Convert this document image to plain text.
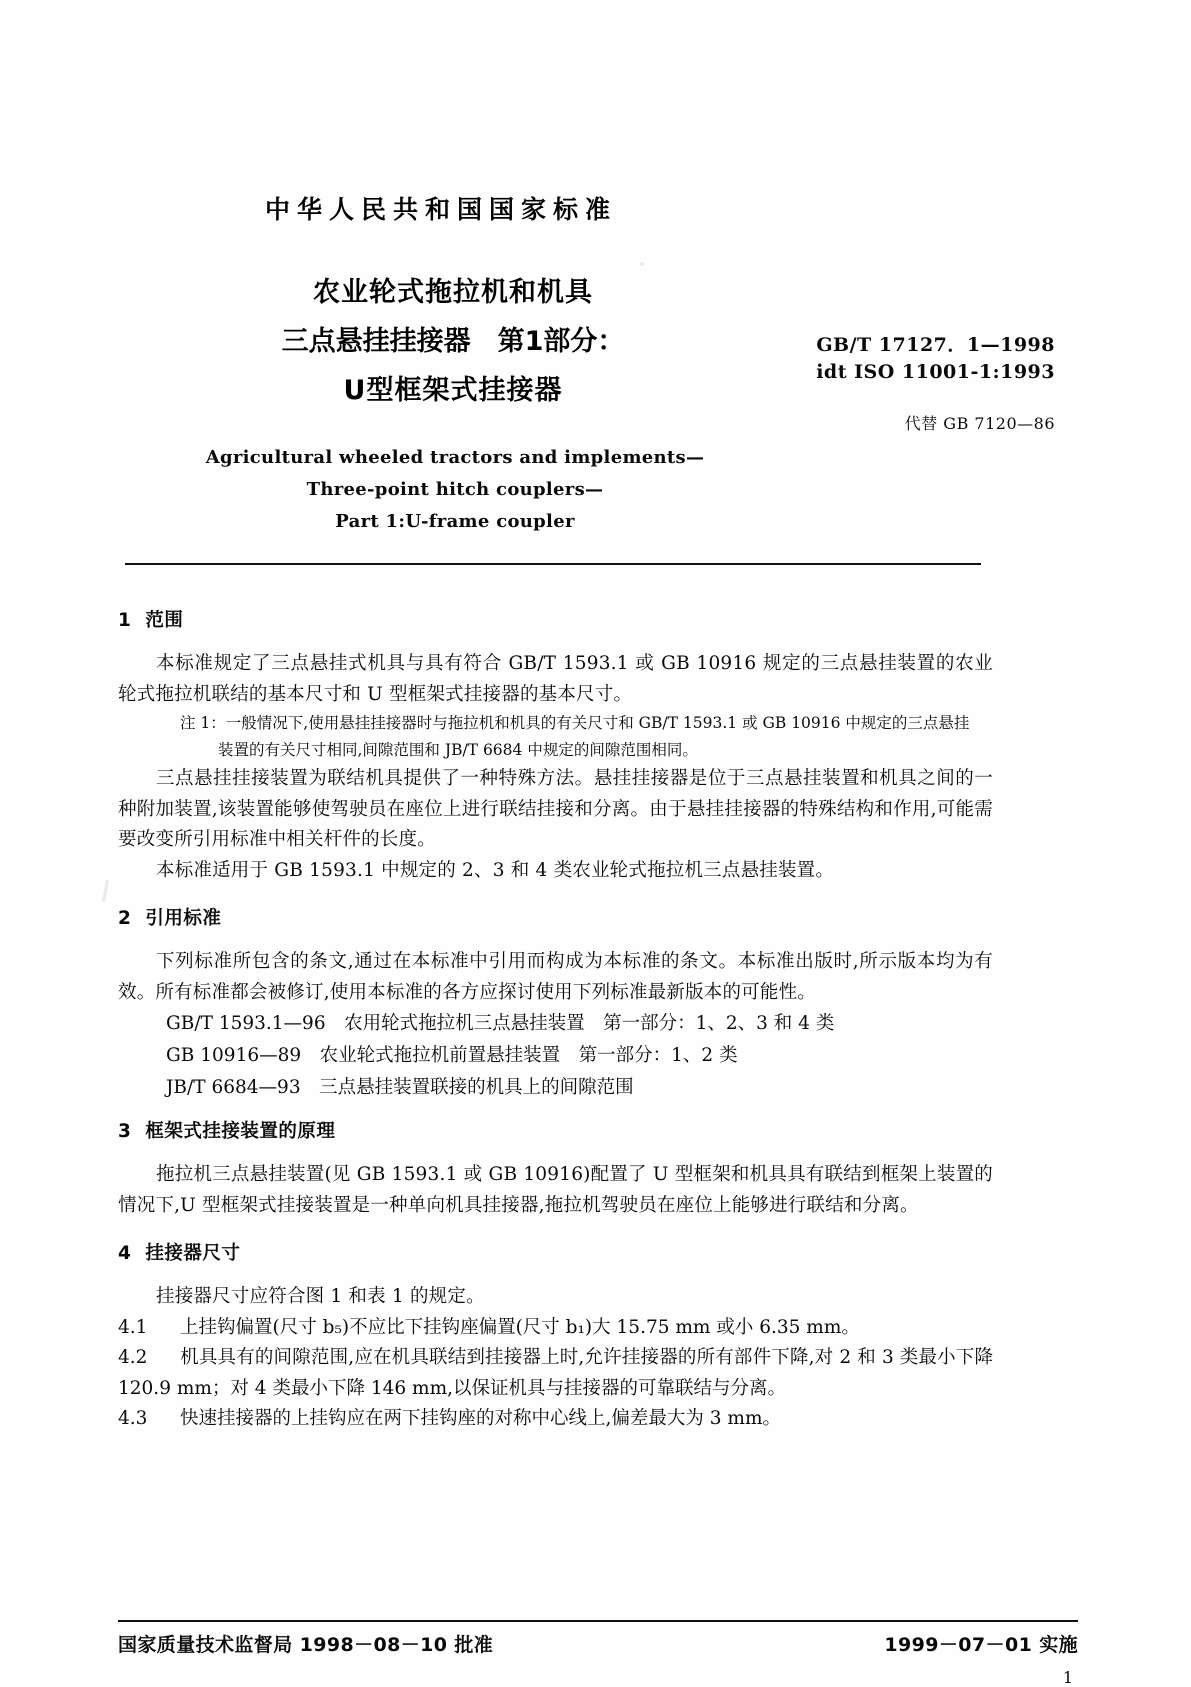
中华人民共和国国家标准
农业轮式拖拉机和机具
三点悬挂挂接器　第1部分：
U型框架式挂接器
GB/T 17127．1—1998
idt ISO 11001-1:1993
代替 GB 7120—86
Agricultural wheeled tractors and implements—
Three-point hitch couplers—
Part 1:U-frame coupler
1 范围

本标准规定了三点悬挂式机具与具有符合 GB/T 1593.1 或 GB 10916 规定的三点悬挂装置的农业轮式拖拉机联结的基本尺寸和 U 型框架式挂接器的基本尺寸。

注 1：一般情况下,使用悬挂挂接器时与拖拉机和机具的有关尺寸和 GB/T 1593.1 或 GB 10916 中规定的三点悬挂

装置的有关尺寸相同,间隙范围和 JB/T 6684 中规定的间隙范围相同。

三点悬挂挂接装置为联结机具提供了一种特殊方法。悬挂挂接器是位于三点悬挂装置和机具之间的一种附加装置,该装置能够使驾驶员在座位上进行联结挂接和分离。由于悬挂挂接器的特殊结构和作用,可能需要改变所引用标准中相关杆件的长度。

本标准适用于 GB 1593.1 中规定的 2、3 和 4 类农业轮式拖拉机三点悬挂装置。

2 引用标准

下列标准所包含的条文,通过在本标准中引用而构成为本标准的条文。本标准出版时,所示版本均为有效。所有标准都会被修订,使用本标准的各方应探讨使用下列标准最新版本的可能性。

GB/T 1593.1—96　农用轮式拖拉机三点悬挂装置　第一部分：1、2、3 和 4 类

GB 10916—89　农业轮式拖拉机前置悬挂装置　第一部分：1、2 类

JB/T 6684—93　三点悬挂装置联接的机具上的间隙范围

3 框架式挂接装置的原理

拖拉机三点悬挂装置(见 GB 1593.1 或 GB 10916)配置了 U 型框架和机具具有联结到框架上装置的情况下,U 型框架式挂接装置是一种单向机具挂接器,拖拉机驾驶员在座位上能够进行联结和分离。

4 挂接器尺寸

挂接器尺寸应符合图 1 和表 1 的规定。

4.1 上挂钩偏置(尺寸 b₅)不应比下挂钩座偏置(尺寸 b₁)大 15.75 mm 或小 6.35 mm。

4.2 机具具有的间隙范围,应在机具联结到挂接器上时,允许挂接器的所有部件下降,对 2 和 3 类最小下降 120.9 mm；对 4 类最小下降 146 mm,以保证机具与挂接器的可靠联结与分离。

4.3 快速挂接器的上挂钩应在两下挂钩座的对称中心线上,偏差最大为 3 mm。

国家质量技术监督局 1998－08－10 批准	1999－07－01 实施
1
